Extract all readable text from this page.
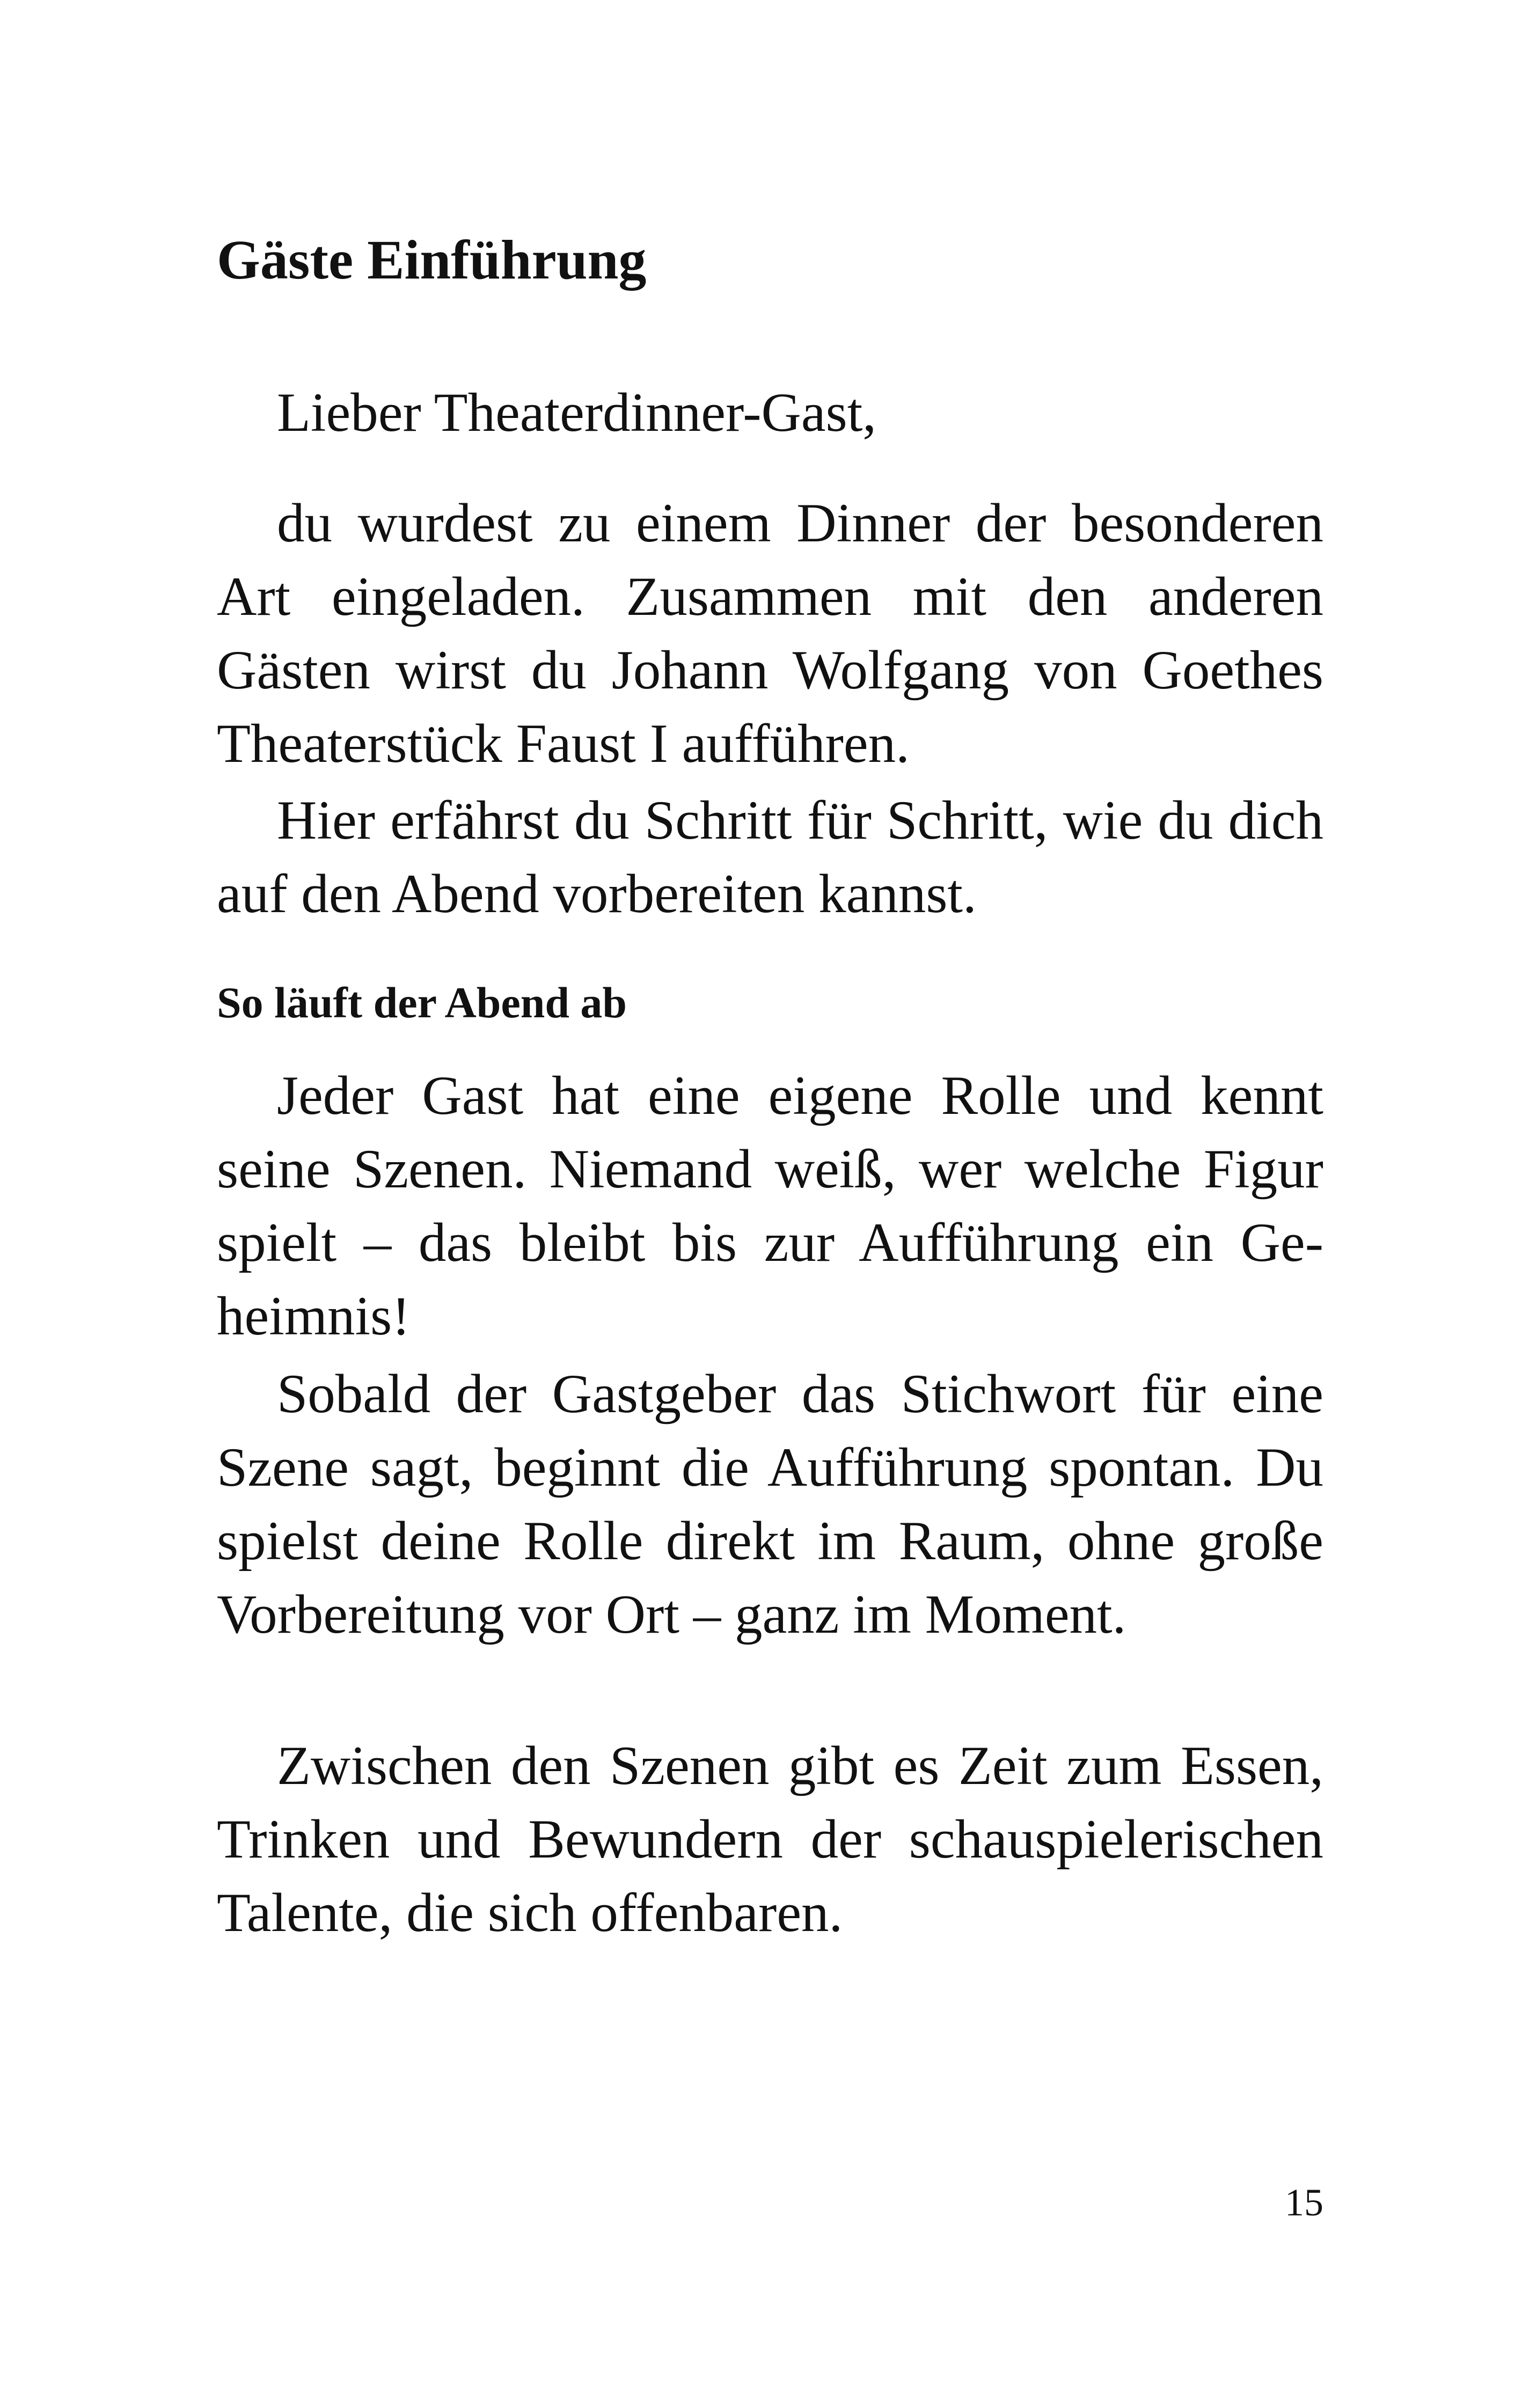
Gäste Einführung

Lieber Theaterdinner-Gast,

du wurdest zu einem Dinner der besonderen Art eingeladen. Zusammen mit den anderen Gästen wirst du Johann Wolfgang von Goethes Theaterstück Faust I aufführen.

Hier erfährst du Schritt für Schritt, wie du dich auf den Abend vorbereiten kannst.

So läuft der Abend ab

Jeder Gast hat eine eigene Rolle und kennt seine Szenen. Niemand weiß, wer welche Figur spielt – das bleibt bis zur Aufführung ein Geheimnis!

Sobald der Gastgeber das Stichwort für eine Szene sagt, beginnt die Aufführung spontan. Du spielst deine Rolle direkt im Raum, ohne große Vorbereitung vor Ort – ganz im Moment.

Zwischen den Szenen gibt es Zeit zum Essen, Trinken und Bewundern der schauspielerischen Talente, die sich offenbaren.

15
